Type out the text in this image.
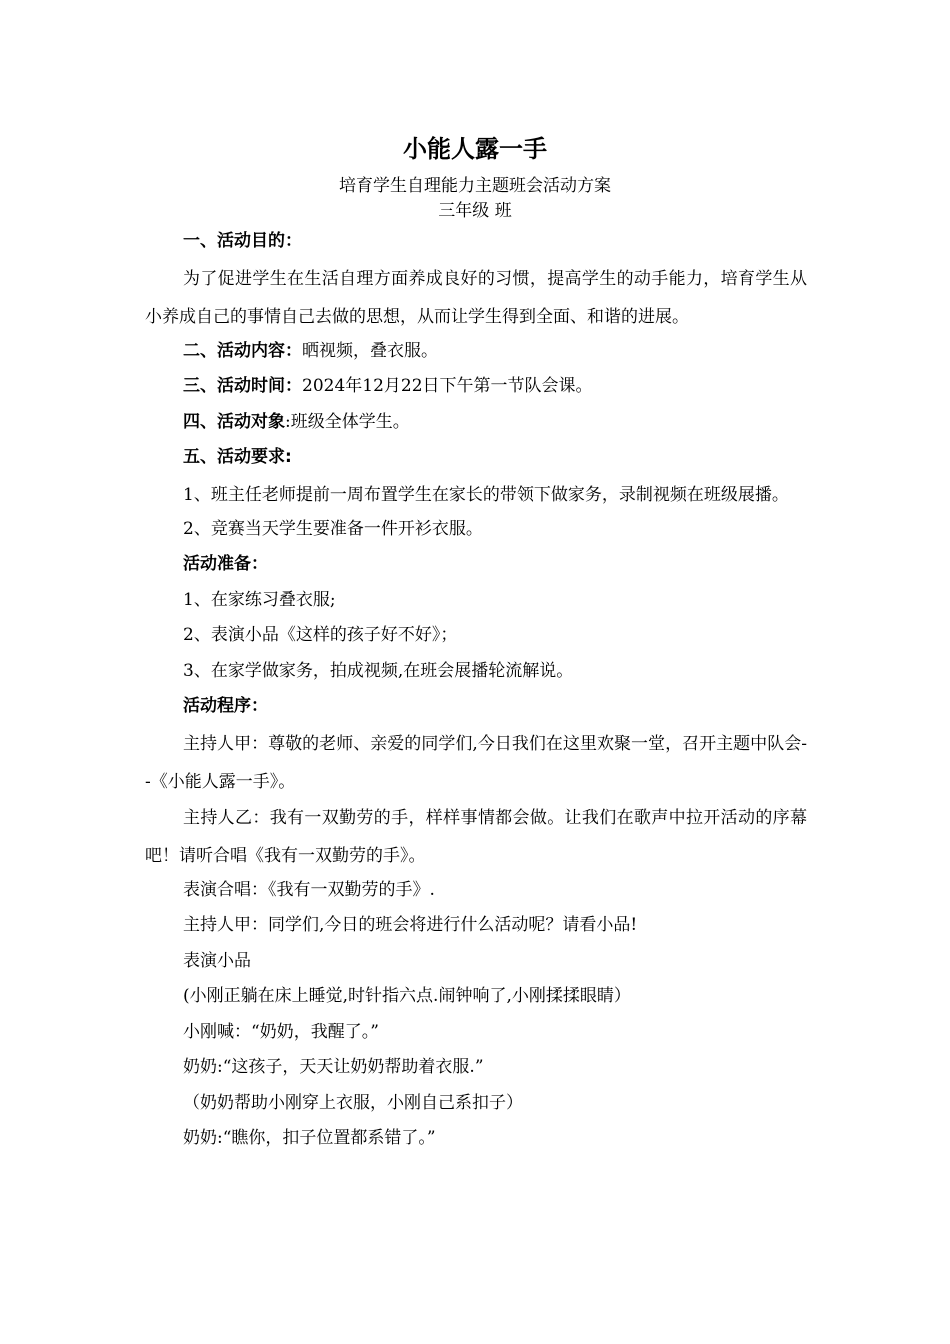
小能人露一手
培育学生自理能力主题班会活动方案
三年级 班
一、活动目的：
为了促进学生在生活自理方面养成良好的习惯，提高学生的动手能力，培育学生从小养成自己的事情自己去做的思想，从而让学生得到全面、和谐的进展。
二、活动内容：晒视频，叠衣服。
三、活动时间：2024年12月22日下午第一节队会课。
四、活动对象:班级全体学生。
五、活动要求:
1、班主任老师提前一周布置学生在家长的带领下做家务，录制视频在班级展播。
2、竞赛当天学生要准备一件开衫衣服。
活动准备：
1、在家练习叠衣服;
2、表演小品《这样的孩子好不好》；
3、在家学做家务，拍成视频,在班会展播轮流解说。
活动程序：
主持人甲：尊敬的老师、亲爱的同学们,今日我们在这里欢聚一堂，召开主题中队会--《小能人露一手》。
主持人乙：我有一双勤劳的手，样样事情都会做。让我们在歌声中拉开活动的序幕吧！请听合唱《我有一双勤劳的手》。
表演合唱：《我有一双勤劳的手》.
主持人甲：同学们,今日的班会将进行什么活动呢？请看小品!
表演小品
(小刚正躺在床上睡觉,时针指六点.闹钟响了,小刚揉揉眼睛）
小刚喊：“奶奶，我醒了。”
奶奶:“这孩子，天天让奶奶帮助着衣服.”
（奶奶帮助小刚穿上衣服，小刚自己系扣子）
奶奶:“瞧你，扣子位置都系错了。”
